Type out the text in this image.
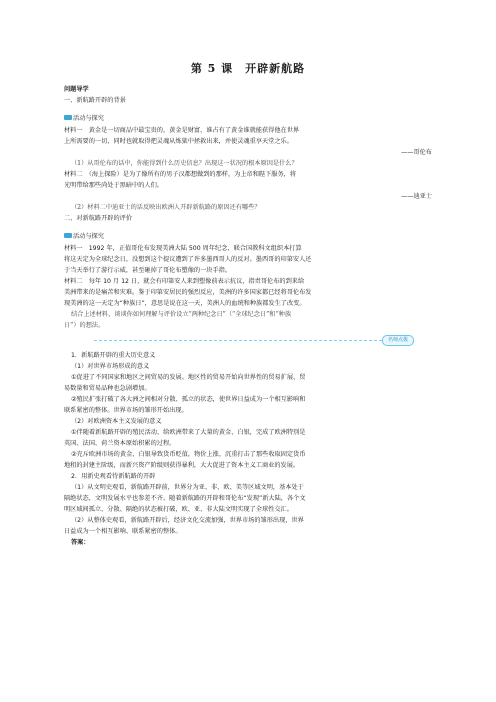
第 5 课　开辟新航路
问题导学
一、新航路开辟的背景
活动与探究
材料一　黄金是一切商品中最宝贵的，黄金是财富，谁占有了黄金谁就能获得他在世界
上所需要的一切，同时也就取得把灵魂从炼狱中拯救出来，并使灵魂重享天堂之乐。
——哥伦布
（1）从哥伦布的话中，你能得到什么历史信息？出现这一状况的根本原因是什么？
材料二　（海上探险）是为了像所有的男子汉都想做到的那样，为上帝和陛下服务，将
光明带给那些尚处于黑暗中的人们。
——迪亚士
（2）材料二中迪亚士的话反映出欧洲人开辟新航路的原因还有哪些？
二、对新航路开辟的评价
活动与探究
材料一　1992 年，正值哥伦布发现美洲大陆 500 周年纪念，联合国教科文组织本打算
将这天定为全球纪念日，没想到这个提议遭到了许多墨西哥人的反对。墨西哥的印第安人还
于当天举行了游行示威，甚至砸掉了哥伦布塑像的一块手指。
材料二　每年 10 月 12 日，就会有印第安人来到塑像前表示抗议，指责哥伦布的到来给
美洲带来的是痛苦和灾难。鉴于印第安居民的强烈反应，美洲的许多国家都已经将哥伦布发
现美洲的这一天定为“种族日”，意思是说在这一天，美洲人的血统和种族都发生了改变。
结合上述材料，谈谈你如何理解与评价设立“两种纪念日”（“全球纪念日”和“种族
日”）的想法。
名师点拨
1．新航路开辟的重大历史意义
（1）对世界市场形成的意义
①促进了不同国家和地区之间贸易的发展。地区性的贸易开始向世界性的贸易扩展，贸
易数量和贸易品种也急剧增加。
②殖民扩张打破了各大洲之间相对分散、孤立的状态，使世界日益成为一个相互影响和
联系紧密的整体。世界市场的雏形开始出现。
（2）对欧洲资本主义发展的意义
①伴随着新航路开辟的殖民活动，给欧洲带来了大量的黄金、白银，完成了欧洲特别是
英国、法国、荷兰资本原始积累的过程。
②充斥欧洲市场的黄金、白银导致货币贬值，物价上涨，沉重打击了那些收取固定货币
地租的封建主阶级，而新兴资产阶级则获得暴利，大大促进了资本主义工商业的发展。
2．用新史观看待新航路的开辟
（1）从文明史观看，新航路开辟前，世界分为亚、非、欧、美等区域文明，基本处于
隔绝状态，文明发展水平也参差不齐。随着新航路的开辟和哥伦布“发现”新大陆，各个文
明区域间孤立、分散、隔绝的状态被打破，欧、亚、非大陆文明实现了全球性交汇。
（2）从整体史观看，新航路开辟后，经济文化交流加强，世界市场的雏形出现，世界
日益成为一个相互影响、联系紧密的整体。
答案：
